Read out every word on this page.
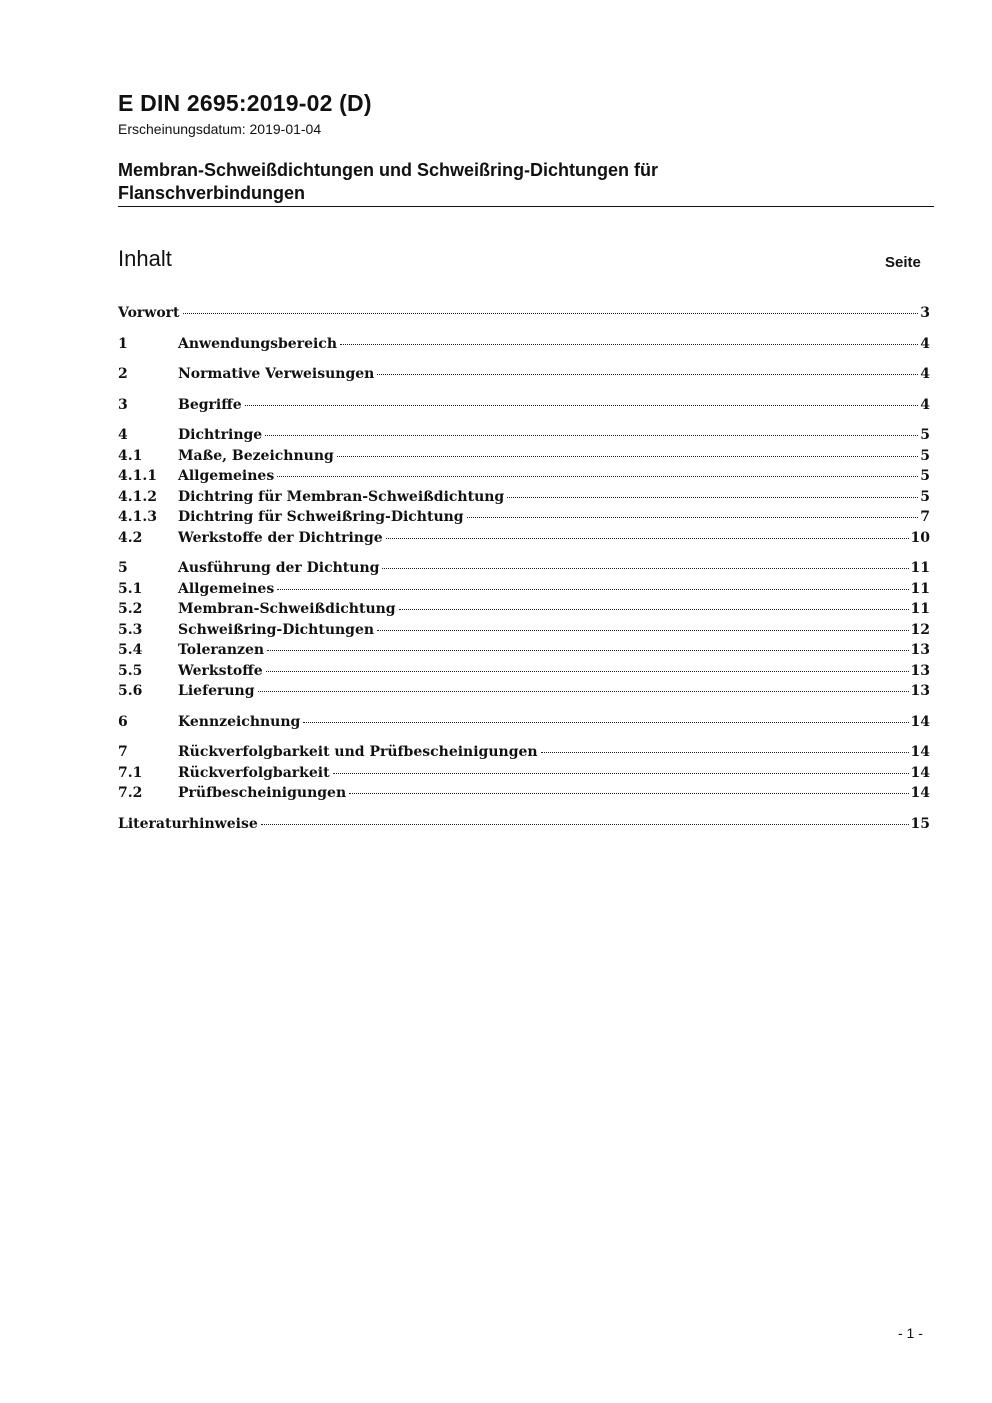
E DIN 2695:2019-02 (D)
Erscheinungsdatum: 2019-01-04
Membran-Schweißdichtungen und Schweißring-Dichtungen für
Flanschverbindungen
Inhalt	Seite
Vorwort	3
1	Anwendungsbereich	4
2	Normative Verweisungen	4
3	Begriffe	4
4	Dichtringe	5
4.1	Maße, Bezeichnung	5
4.1.1	Allgemeines	5
4.1.2	Dichtring für Membran-Schweißdichtung	5
4.1.3	Dichtring für Schweißring-Dichtung	7
4.2	Werkstoffe der Dichtringe	10
5	Ausführung der Dichtung	11
5.1	Allgemeines	11
5.2	Membran-Schweißdichtung	11
5.3	Schweißring-Dichtungen	12
5.4	Toleranzen	13
5.5	Werkstoffe	13
5.6	Lieferung	13
6	Kennzeichnung	14
7	Rückverfolgbarkeit und Prüfbescheinigungen	14
7.1	Rückverfolgbarkeit	14
7.2	Prüfbescheinigungen	14
Literaturhinweise	15
- 1 -
